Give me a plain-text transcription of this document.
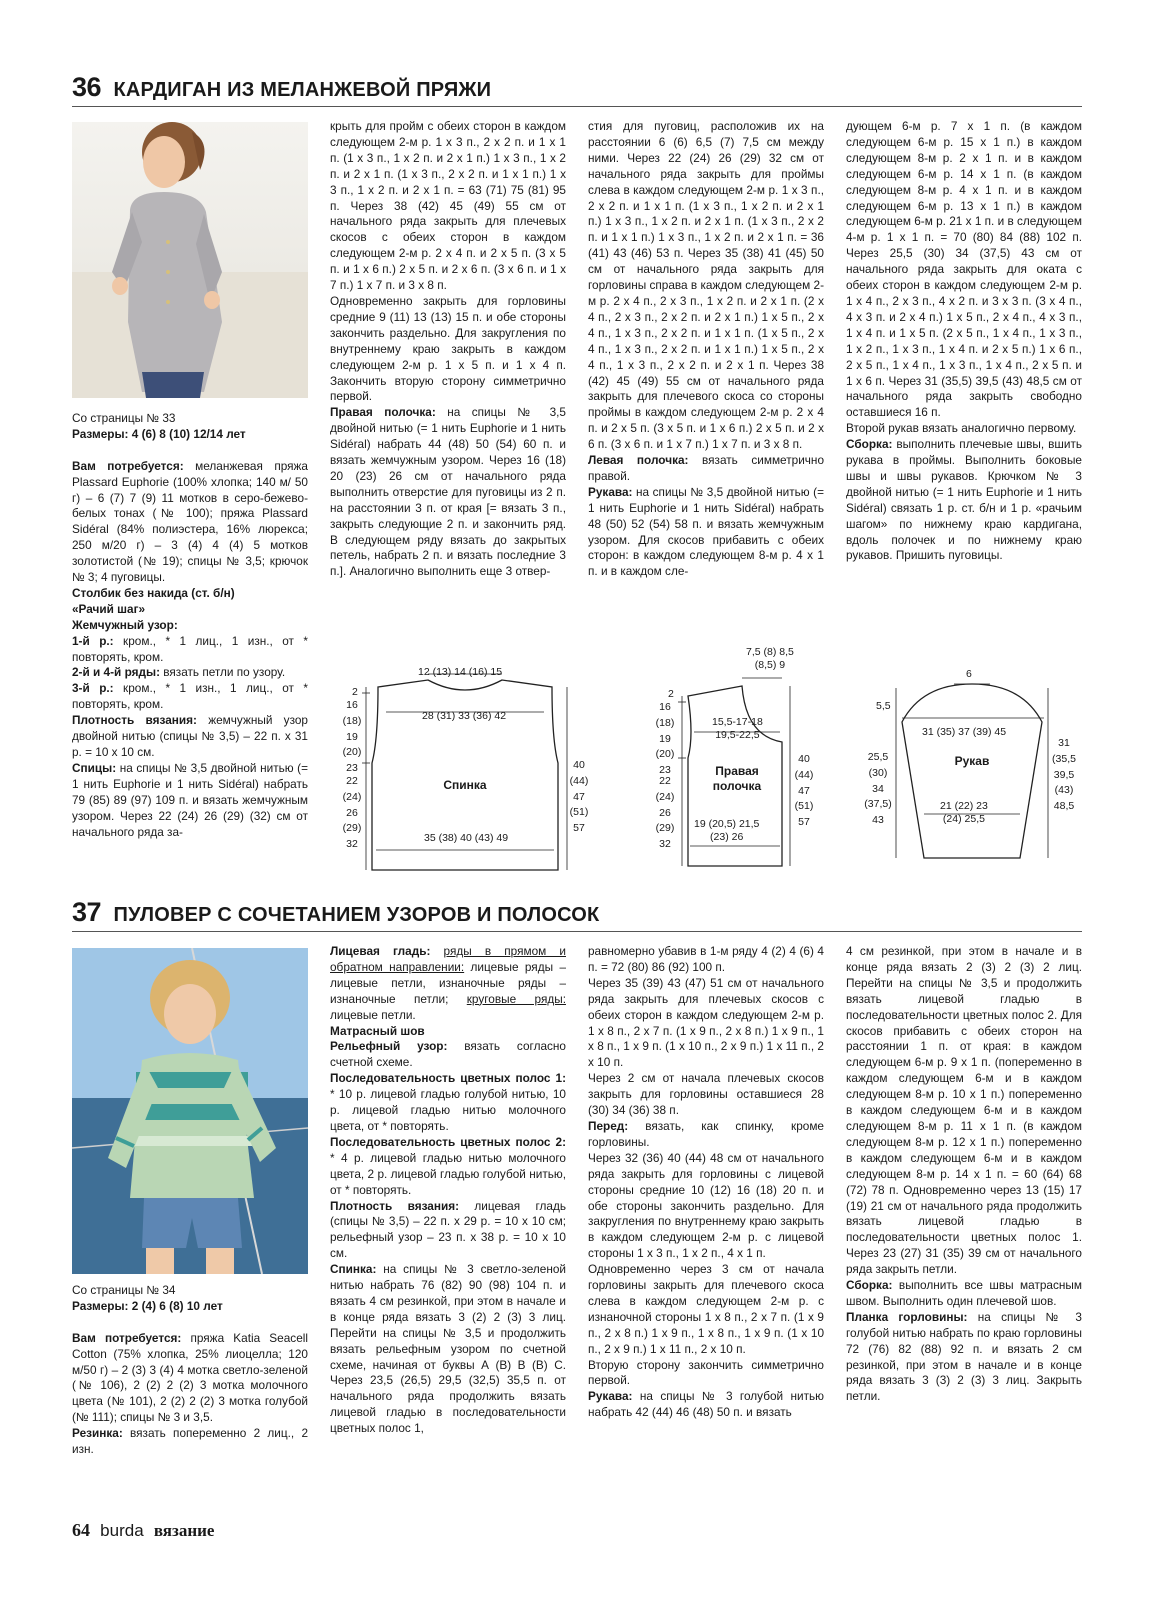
36 КАРДИГАН ИЗ МЕЛАНЖЕВОЙ ПРЯЖИ

Со страницы № 33

Размеры: 4 (6) 8 (10) 12/14 лет

Вам потребуется: меланжевая пряжа Plassard Euphorie (100% хлопка; 140 м/ 50 г) – 6 (7) 7 (9) 11 мотков в серо-бежево-белых тонах (№ 100); пряжа Plassard Sidéral (84% полиэстера, 16% люрекса; 250 м/20 г) – 3 (4) 4 (4) 5 мотков золотистой (№ 19); спицы № 3,5; крючок № 3; 4 пуговицы.

Столбик без накида (ст. б/н)

«Рачий шаг»

Жемчужный узор:

1-й р.: кром., * 1 лиц., 1 изн., от * повторять, кром.

2-й и 4-й ряды: вязать петли по узору.

3-й р.: кром., * 1 изн., 1 лиц., от * повторять, кром.

Плотность вязания: жемчужный узор двойной нитью (спицы № 3,5) – 22 п. х 31 р. = 10 х 10 см.

Спицы: на спицы № 3,5 двойной нитью (= 1 нить Euphorie и 1 нить Sidéral) набрать 79 (85) 89 (97) 109 п. и вязать жемчужным узором. Через 22 (24) 26 (29) (32) см от начального ряда за-

крыть для пройм с обеих сторон в каждом следующем 2-м р. 1 х 3 п., 2 х 2 п. и 1 х 1 п. (1 х 3 п., 1 х 2 п. и 2 х 1 п.) 1 х 3 п., 1 х 2 п. и 2 х 1 п. (1 х 3 п., 2 х 2 п. и 1 х 1 п.) 1 х 3 п., 1 х 2 п. и 2 х 1 п. = 63 (71) 75 (81) 95 п. Через 38 (42) 45 (49) 55 см от начального ряда закрыть для плечевых скосов с обеих сторон в каждом следующем 2-м р. 2 х 4 п. и 2 х 5 п. (3 х 5 п. и 1 х 6 п.) 2 х 5 п. и 2 х 6 п. (3 х 6 п. и 1 х 7 п.) 1 х 7 п. и 3 х 8 п.

Одновременно закрыть для горловины средние 9 (11) 13 (13) 15 п. и обе стороны закончить раздельно. Для закругления по внутреннему краю закрыть в каждом следующем 2-м р. 1 х 5 п. и 1 х 4 п. Закончить вторую сторону симметрично первой.

Правая полочка: на спицы № 3,5 двойной нитью (= 1 нить Euphorie и 1 нить Sidéral) набрать 44 (48) 50 (54) 60 п. и вязать жемчужным узором. Через 16 (18) 20 (23) 26 см от начального ряда выполнить отверстие для пуговицы из 2 п. на расстоянии 3 п. от края [= вязать 3 п., закрыть следующие 2 п. и закончить ряд. В следующем ряду вязать до закрытых петель, набрать 2 п. и вязать последние 3 п.]. Аналогично выполнить еще 3 отвер-

стия для пуговиц, расположив их на расстоянии 6 (6) 6,5 (7) 7,5 см между ними. Через 22 (24) 26 (29) 32 см от начального ряда закрыть для проймы слева в каждом следующем 2-м р. 1 х 3 п., 2 х 2 п. и 1 х 1 п. (1 х 3 п., 1 х 2 п. и 2 х 1 п.) 1 х 3 п., 1 х 2 п. и 2 х 1 п. (1 х 3 п., 2 х 2 п. и 1 х 1 п.) 1 х 3 п., 1 х 2 п. и 2 х 1 п. = 36 (41) 43 (46) 53 п. Через 35 (38) 41 (45) 50 см от начального ряда закрыть для горловины справа в каждом следующем 2-м р. 2 х 4 п., 2 х 3 п., 1 х 2 п. и 2 х 1 п. (2 х 4 п., 2 х 3 п., 2 х 2 п. и 2 х 1 п.) 1 х 5 п., 2 х 4 п., 1 х 3 п., 2 х 2 п. и 1 х 1 п. (1 х 5 п., 2 х 4 п., 1 х 3 п., 2 х 2 п. и 1 х 1 п.) 1 х 5 п., 2 х 4 п., 1 х 3 п., 2 х 2 п. и 2 х 1 п. Через 38 (42) 45 (49) 55 см от начального ряда закрыть для плечевого скоса со стороны проймы в каждом следующем 2-м р. 2 х 4 п. и 2 х 5 п. (3 х 5 п. и 1 х 6 п.) 2 х 5 п. и 2 х 6 п. (3 х 6 п. и 1 х 7 п.) 1 х 7 п. и 3 х 8 п.

Левая полочка: вязать симметрично правой.

Рукава: на спицы № 3,5 двойной нитью (= 1 нить Euphorie и 1 нить Sidéral) набрать 48 (50) 52 (54) 58 п. и вязать жемчужным узором. Для скосов прибавить с обеих сторон: в каждом следующем 8-м р. 4 х 1 п. и в каждом сле-

дующем 6-м р. 7 х 1 п. (в каждом следующем 6-м р. 15 х 1 п.) в каждом следующем 8-м р. 2 х 1 п. и в каждом следующем 6-м р. 14 х 1 п. (в каждом следующем 8-м р. 4 х 1 п. и в каждом следующем 6-м р. 13 х 1 п.) в каждом следующем 6-м р. 21 х 1 п. и в следующем 4-м р. 1 х 1 п. = 70 (80) 84 (88) 102 п. Через 25,5 (30) 34 (37,5) 43 см от начального ряда закрыть для оката с обеих сторон в каждом следующем 2-м р. 1 х 4 п., 2 х 3 п., 4 х 2 п. и 3 х 3 п. (3 х 4 п., 4 х 3 п. и 2 х 4 п.) 1 х 5 п., 2 х 4 п., 4 х 3 п., 1 х 4 п. и 1 х 5 п. (2 х 5 п., 1 х 4 п., 1 х 3 п., 1 х 2 п., 1 х 3 п., 1 х 4 п. и 2 х 5 п.) 1 х 6 п., 2 х 5 п., 1 х 4 п., 1 х 3 п., 1 х 4 п., 2 х 5 п. и 1 х 6 п. Через 31 (35,5) 39,5 (43) 48,5 см от начального ряда закрыть свободно оставшиеся 16 п.

Второй рукав вязать аналогично первому.

Сборка: выполнить плечевые швы, вшить рукава в проймы. Выполнить боковые швы и швы рукавов. Крючком № 3 двойной нитью (= 1 нить Euphorie и 1 нить Sidéral) связать 1 р. ст. б/н и 1 р. «рачьим шагом» по нижнему краю кардигана, вдоль полочек и по нижнему краю рукавов. Пришить пуговицы.

12 (13) 14 (16) 15
28 (31) 33 (36) 42
35 (38) 40 (43) 49
2
16
(18)
19
(20)
23
22
(24)
26
(29)
32
40
(44)
47
(51)
57
Спинка
7,5 (8) 8,5
(8,5) 9
15,5-17-18
19,5-22,5
19 (20,5) 21,5
(23) 26
2
16
(18)
19
(20)
23
22
(24)
26
(29)
32
40
(44)
47
(51)
57
Правая
полочка
6
5,5
31 (35) 37 (39) 45
21 (22) 23
(24) 25,5
25,5
(30)
34
(37,5)
43
31
(35,5
39,5
(43)
48,5
Рукав
37 ПУЛОВЕР С СОЧЕТАНИЕМ УЗОРОВ И ПОЛОСОК

Со страницы № 34

Размеры: 2 (4) 6 (8) 10 лет

Вам потребуется: пряжа Katia Seacell Cotton (75% хлопка, 25% лиоцелла; 120 м/50 г) – 2 (3) 3 (4) 4 мотка светло-зеленой (№ 106), 2 (2) 2 (2) 3 мотка молочного цвета (№ 101), 2 (2) 2 (2) 3 мотка голубой (№ 111); спицы № 3 и 3,5.

Резинка: вязать попеременно 2 лиц., 2 изн.

Лицевая гладь: ряды в прямом и обратном направлении: лицевые ряды – лицевые петли, изнаночные ряды – изнаночные петли; круговые ряды: лицевые петли.

Матрасный шов

Рельефный узор: вязать согласно счетной схеме.

Последовательность цветных полос 1: * 10 р. лицевой гладью голубой нитью, 10 р. лицевой гладью нитью молочного цвета, от * повторять.

Последовательность цветных полос 2: * 4 р. лицевой гладью нитью молочного цвета, 2 р. лицевой гладью голубой нитью, от * повторять.

Плотность вязания: лицевая гладь (спицы № 3,5) – 22 п. х 29 р. = 10 х 10 см; рельефный узор – 23 п. х 38 р. = 10 х 10 см.

Спинка: на спицы № 3 светло-зеленой нитью набрать 76 (82) 90 (98) 104 п. и вязать 4 см резинкой, при этом в начале и в конце ряда вязать 3 (2) 2 (3) 3 лиц. Перейти на спицы № 3,5 и продолжить вязать рельефным узором по счетной схеме, начиная от буквы А (B) В (B) С. Через 23,5 (26,5) 29,5 (32,5) 35,5 п. от начального ряда продолжить вязать лицевой гладью в последовательности цветных полос 1,

равномерно убавив в 1-м ряду 4 (2) 4 (6) 4 п. = 72 (80) 86 (92) 100 п.

Через 35 (39) 43 (47) 51 см от начального ряда закрыть для плечевых скосов с обеих сторон в каждом следующем 2-м р. 1 х 8 п., 2 х 7 п. (1 х 9 п., 2 х 8 п.) 1 х 9 п., 1 х 8 п., 1 х 9 п. (1 х 10 п., 2 х 9 п.) 1 х 11 п., 2 х 10 п.

Через 2 см от начала плечевых скосов закрыть для горловины оставшиеся 28 (30) 34 (36) 38 п.

Перед: вязать, как спинку, кроме горловины.

Через 32 (36) 40 (44) 48 см от начального ряда закрыть для горловины с лицевой стороны средние 10 (12) 16 (18) 20 п. и обе стороны закончить раздельно. Для закругления по внутреннему краю закрыть в каждом следующем 2-м р. с лицевой стороны 1 х 3 п., 1 х 2 п., 4 х 1 п.

Одновременно через 3 см от начала горловины закрыть для плечевого скоса слева в каждом следующем 2-м р. с изнаночной стороны 1 х 8 п., 2 х 7 п. (1 х 9 п., 2 х 8 п.) 1 х 9 п., 1 х 8 п., 1 х 9 п. (1 х 10 п., 2 х 9 п.) 1 х 11 п., 2 х 10 п.

Вторую сторону закончить симметрично первой.

Рукава: на спицы № 3 голубой нитью набрать 42 (44) 46 (48) 50 п. и вязать

4 см резинкой, при этом в начале и в конце ряда вязать 2 (3) 2 (3) 2 лиц. Перейти на спицы № 3,5 и продолжить вязать лицевой гладью в последовательности цветных полос 2. Для скосов прибавить с обеих сторон на расстоянии 1 п. от края: в каждом следующем 6-м р. 9 х 1 п. (попеременно в каждом следующем 6-м и в каждом следующем 8-м р. 10 х 1 п.) попеременно в каждом следующем 6-м и в каждом следующем 8-м р. 11 х 1 п. (в каждом следующем 8-м р. 12 х 1 п.) попеременно в каждом следующем 6-м и в каждом следующем 8-м р. 14 х 1 п. = 60 (64) 68 (72) 78 п. Одновременно через 13 (15) 17 (19) 21 см от начального ряда продолжить вязать лицевой гладью в последовательности цветных полос 1. Через 23 (27) 31 (35) 39 см от начального ряда закрыть петли.

Сборка: выполнить все швы матрасным швом. Выполнить один плечевой шов.

Планка горловины: на спицы № 3 голубой нитью набрать по краю горловины 72 (76) 82 (88) 92 п. и вязать 2 см резинкой, при этом в начале и в конце ряда вязать 3 (3) 2 (3) 3 лиц. Закрыть петли.

64 burda вязание
